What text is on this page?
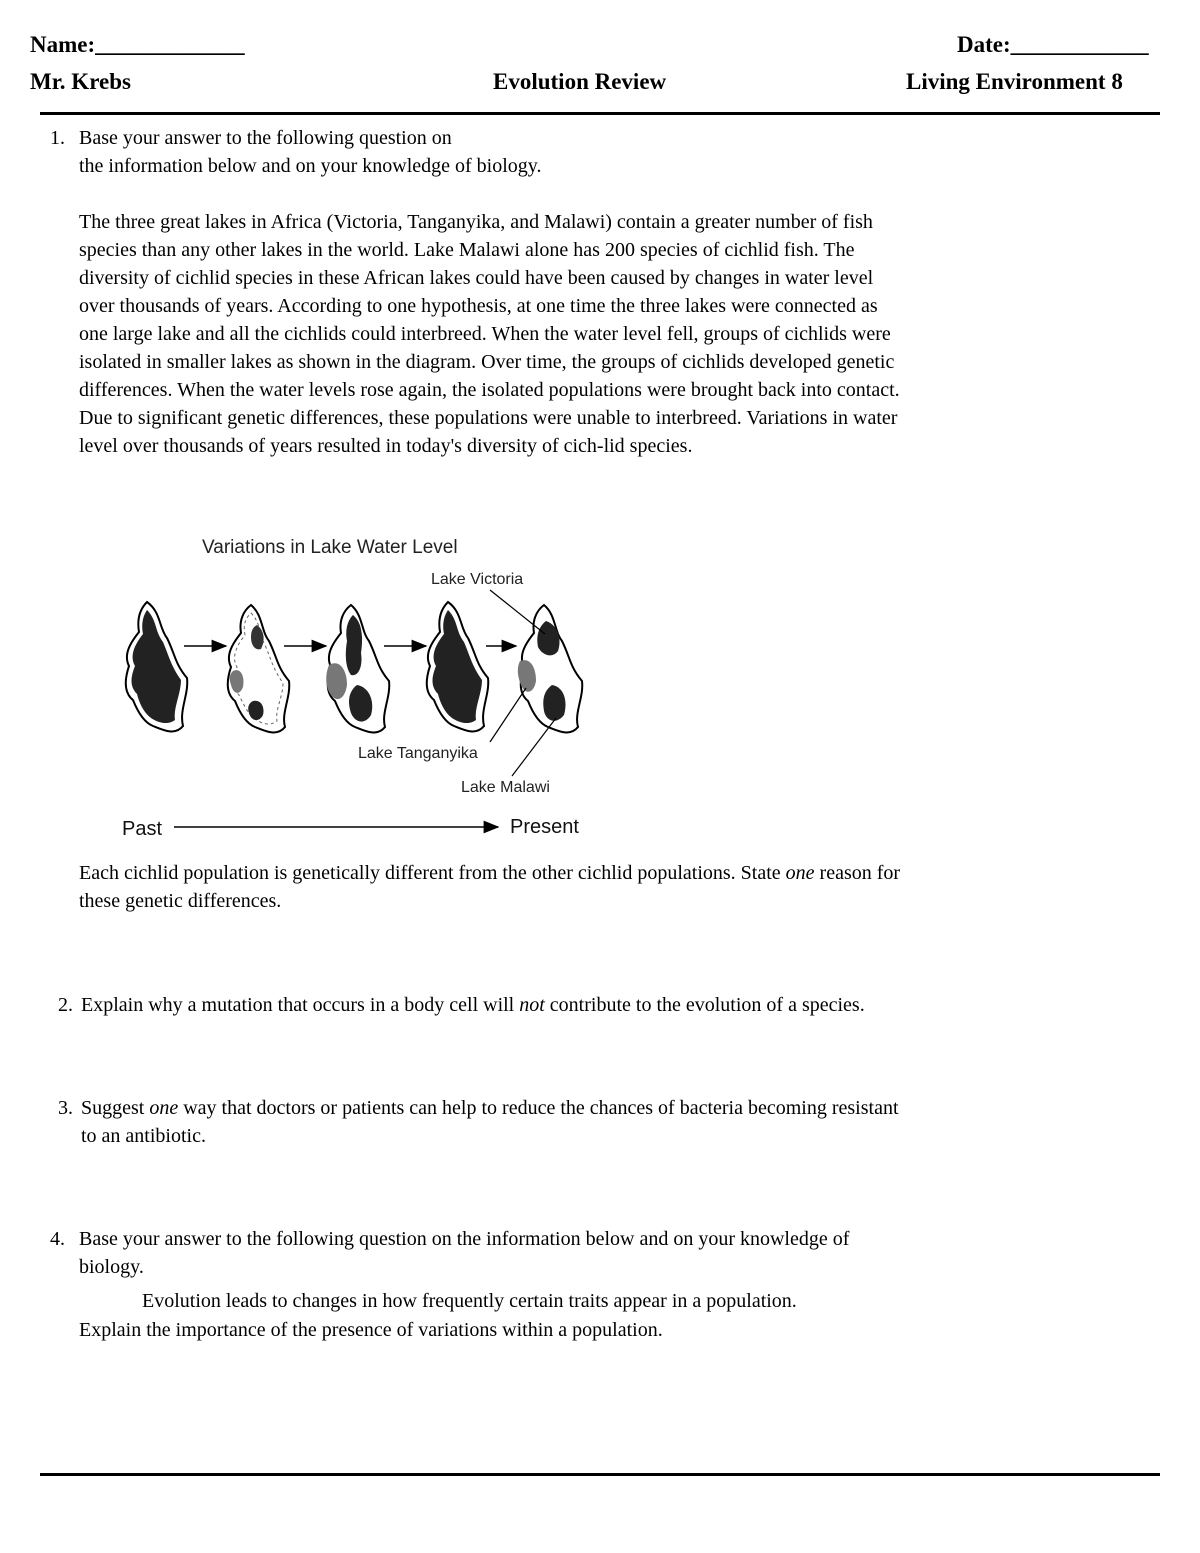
Name:_____________	Date:____________
Mr. Krebs	Evolution Review	Living Environment 8
1. Base your answer to the following question on
the information below and on your knowledge of biology.
The three great lakes in Africa (Victoria, Tanganyika, and Malawi) contain a greater number of fish
species than any other lakes in the world. Lake Malawi alone has 200 species of cichlid fish. The
diversity of cichlid species in these African lakes could have been caused by changes in water level
over thousands of years. According to one hypothesis, at one time the three lakes were connected as
one large lake and all the cichlids could interbreed. When the water level fell, groups of cichlids were
isolated in smaller lakes as shown in the diagram. Over time, the groups of cichlids developed genetic
differences. When the water levels rose again, the isolated populations were brought back into contact.
Due to significant genetic differences, these populations were unable to interbreed. Variations in water
level over thousands of years resulted in today's diversity of cich-lid species.
Variations in Lake Water Level
Lake Victoria
Lake Tanganyika
Lake Malawi
Past	Present
Each cichlid population is genetically different from the other cichlid populations. State one reason for
these genetic differences.
2. Explain why a mutation that occurs in a body cell will not contribute to the evolution of a species.
3. Suggest one way that doctors or patients can help to reduce the chances of bacteria becoming resistant
to an antibiotic.
4. Base your answer to the following question on the information below and on your knowledge of
biology.
Evolution leads to changes in how frequently certain traits appear in a population.
Explain the importance of the presence of variations within a population.
